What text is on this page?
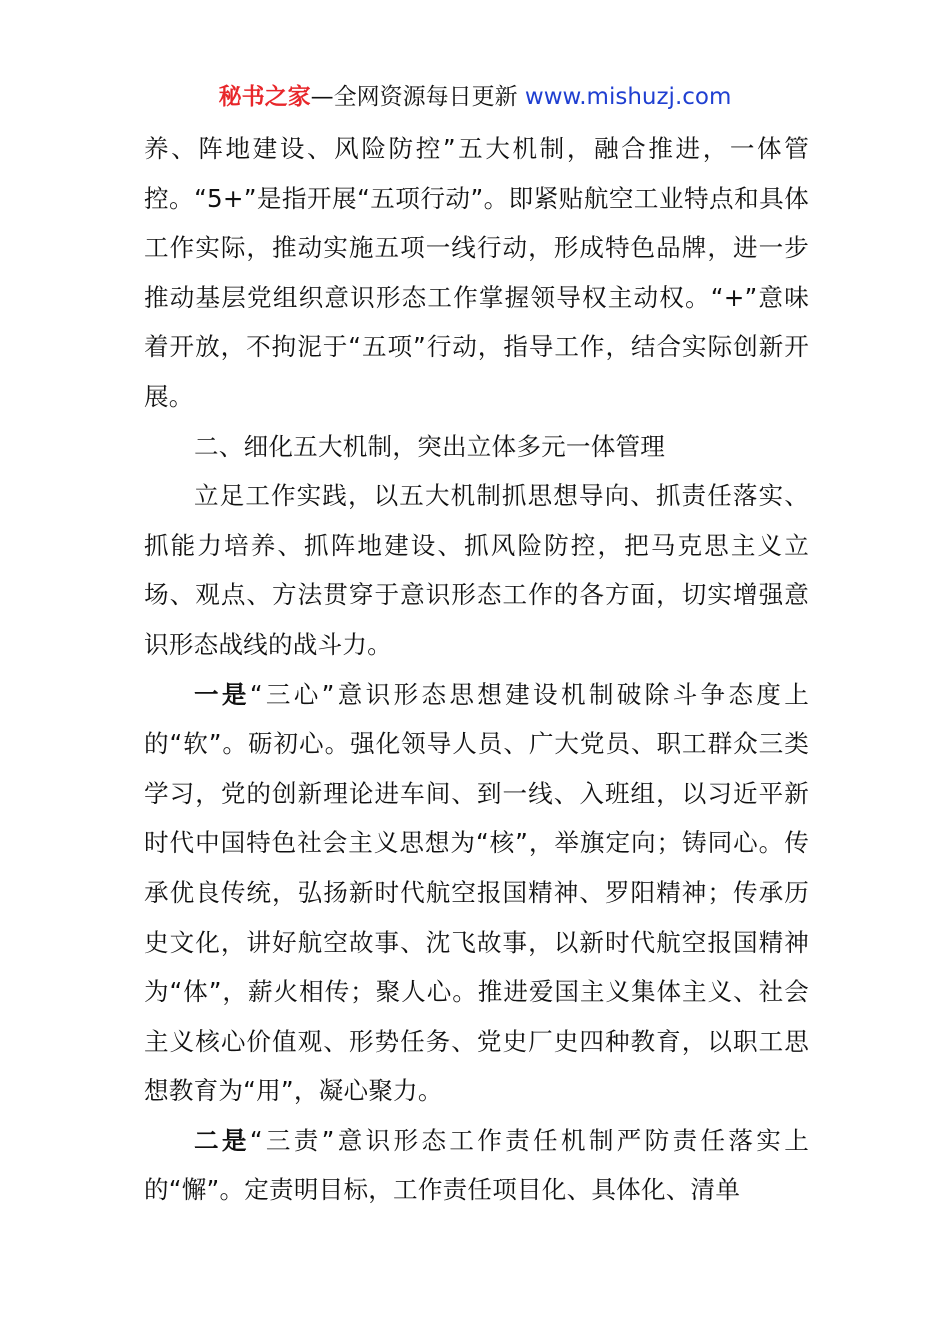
秘书之家—全网资源每日更新 www.mishuzj.com

养、阵地建设、风险防控”五大机制，融合推进，一体管控。“5+”是指开展“五项行动”。即紧贴航空工业特点和具体工作实际，推动实施五项一线行动，形成特色品牌，进一步推动基层党组织意识形态工作掌握领导权主动权。“+”意味着开放，不拘泥于“五项”行动，指导工作，结合实际创新开展。

二、细化五大机制，突出立体多元一体管理

立足工作实践，以五大机制抓思想导向、抓责任落实、抓能力培养、抓阵地建设、抓风险防控，把马克思主义立场、观点、方法贯穿于意识形态工作的各方面，切实增强意识形态战线的战斗力。

一是“三心”意识形态思想建设机制破除斗争态度上的“软”。砺初心。强化领导人员、广大党员、职工群众三类学习，党的创新理论进车间、到一线、入班组，以习近平新时代中国特色社会主义思想为“核”，举旗定向；铸同心。传承优良传统，弘扬新时代航空报国精神、罗阳精神；传承历史文化，讲好航空故事、沈飞故事，以新时代航空报国精神为“体”，薪火相传；聚人心。推进爱国主义集体主义、社会主义核心价值观、形势任务、党史厂史四种教育，以职工思想教育为“用”，凝心聚力。

二是“三责”意识形态工作责任机制严防责任落实上的“懈”。定责明目标，工作责任项目化、具体化、清单
